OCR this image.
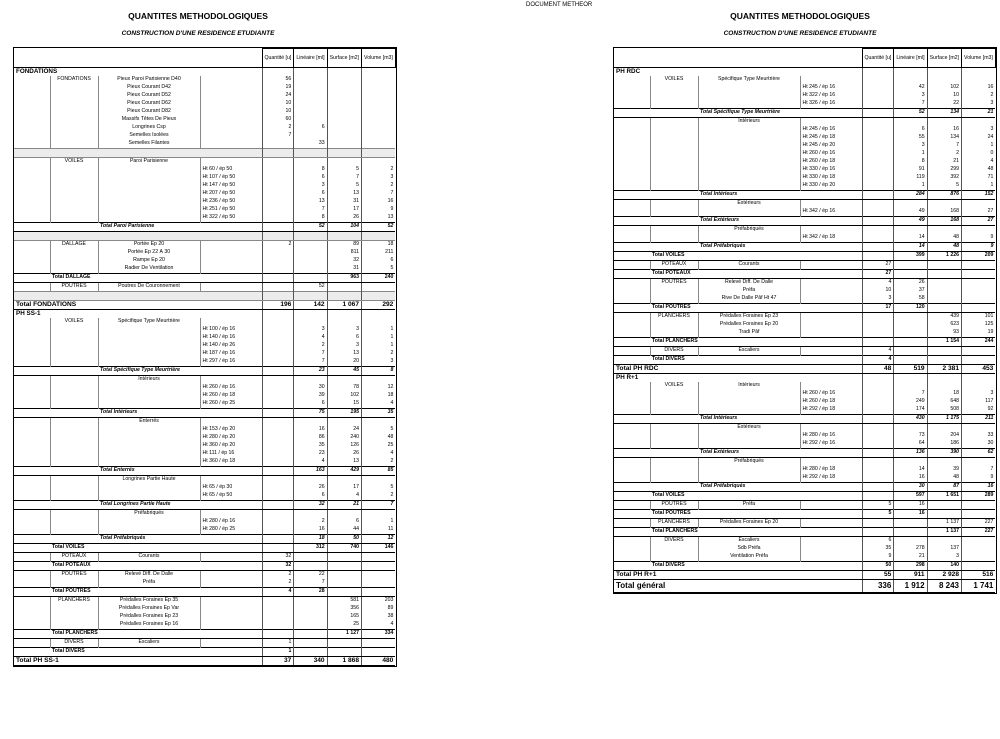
QUANTITES METHODOLOGIQUES
CONSTRUCTION D'UNE RESIDENCE ETUDIANTE
				Quantité [u]	Linéaire [ml]	Surface [m2]	Volume [m3]
FONDATIONS							
	FONDATIONS	Pieux Paroi Parisienne D40		56			
		Pieux Courant D42		19			
		Pieux Courant D52		24			
		Pieux Courant D62		10			
		Pieux Courant D82		10			
		Massifs Têtes De Pieux		60			
		Longrines Csp		2	6		
		Semelles Isolées		7			
		Semelles Filantes			33		

	VOILES	Paroi Parisienne					
			Ht 60 / ép 50		8	5	2
			Ht 107 / ép 50		6	7	3
			Ht 147 / ép 50		3	5	2
			Ht 207 / ép 50		6	13	7
			Ht 236 / ép 50		13	31	16
			Ht 251 / ép 50		7	17	9
			Ht 322 / ép 50		8	26	13
		Total Paroi Parisienne			52	104	52

	DALLAGE	Portée Ép 20		2		89	18
		Portée Ép 22 À 30				811	211
		Rampe Ép 20				32	6
		Radier De Ventilation				31	5
	Total DALLAGE					963	240
	POUTRES	Poutres De Couronnement			52		

Total FONDATIONS				196	142	1 067	292
PH SS-1							
	VOILES	Spécifique Type Meurtrière					
			Ht 100 / ép 16		3	3	1
			Ht 140 / ép 16		4	6	1
			Ht 140 / ép 26		2	3	1
			Ht 187 / ép 16		7	13	2
			Ht 297 / ép 16		7	20	3
		Total Spécifique Type Meurtrière			23	45	8
		Intérieurs					
			Ht 260 / ép 16		30	78	12
			Ht 260 / ép 18		39	102	18
			Ht 260 / ép 25		6	15	4
		Total Intérieurs			75	195	35
		Enterrés					
			Ht 153 / ép 20		16	24	5
			Ht 280 / ép 20		86	240	48
			Ht 360 / ép 20		35	126	25
			Ht 111 / ép 16		23	26	4
			Ht 360 / ép 18		4	13	2
		Total Enterrés			163	429	85
		Longrines Partie Haute					
			Ht 65 / ép 30		26	17	5
			Ht 65 / ép 50		6	4	2
		Total Longrines Partie Haute			32	21	7
		Préfabriqués					
			Ht 280 / ép 16		2	6	1
			Ht 280 / ép 25		16	44	11
		Total Préfabriqués			18	50	12
	Total VOILES				312	740	146
	POTEAUX	Courants		32			
	Total POTEAUX			32			
	POUTRES	Relevé Diff. De Dalle		2	22		
		Préfa		2	7		
	Total POUTRES			4	28		
	PLANCHERS	Prédalles Foraines Ép 35				581	203
		Prédalles Foraines Ép Var				356	89
		Prédalles Foraines Ép 23				165	38
		Prédalles Foraines Ép 16				25	4
	Total PLANCHERS					1 127	334
	DIVERS	Escaliers		1			
	Total DIVERS			1			
Total PH SS-1				37	340	1 868	480
DOCUMENT METHEOR
QUANTITES METHODOLOGIQUES
CONSTRUCTION D'UNE RESIDENCE ETUDIANTE
				Quantité [u]	Linéaire [ml]	Surface [m2]	Volume [m3]
PH RDC							
	VOILES	Spécifique Type Meurtrière					
			Ht 245 / ép 16		42	102	16
			Ht 322 / ép 16		3	10	2
			Ht 326 / ép 16		7	22	3
		Total Spécifique Type Meurtrière			52	134	21
		Intérieurs					
			Ht 245 / ép 16		6	16	3
			Ht 245 / ép 18		55	134	24
			Ht 245 / ép 20		3	7	1
			Ht 260 / ép 16		1	2	0
			Ht 260 / ép 18		8	21	4
			Ht 330 / ép 16		91	299	48
			Ht 330 / ép 18		119	392	71
			Ht 330 / ép 20		1	5	1
		Total Intérieurs			284	876	152
		Extérieurs					
			Ht 342 / ép 16		49	168	27
		Total Extérieurs			49	168	27
		Préfabriqués					
			Ht 342 / ép 18		14	48	9
		Total Préfabriqués			14	48	9
	Total VOILES				399	1 226	209
	POTEAUX	Courants		27			
	Total POTEAUX			27			
	POUTRES	Relevé Diff. De Dalle		4	26		
		Préfa		10	37		
		Rive De Dalle Pâf Ht 47		3	58		
	Total POUTRES			17	120		
	PLANCHERS	Prédalles Foraines Ép 23				439	101
		Prédalles Foraines Ép 20				623	125
		Tradi Pâf				93	19
	Total PLANCHERS					1 154	244
	DIVERS	Escaliers		4			
	Total DIVERS			4			
Total PH RDC				48	519	2 381	453
PH R+1							
	VOILES	Intérieurs					
			Ht 260 / ép 16		7	18	3
			Ht 260 / ép 18		249	648	117
			Ht 292 / ép 18		174	508	92
		Total Intérieurs			430	1 175	211
		Extérieurs					
			Ht 280 / ép 16		73	204	33
			Ht 292 / ép 16		64	186	30
		Total Extérieurs			136	390	62
		Préfabriqués					
			Ht 280 / ép 18		14	39	7
			Ht 292 / ép 18		16	48	9
		Total Préfabriqués			30	87	16
	Total VOILES				597	1 651	289
	POUTRES	Préfa		5	16		
	Total POUTRES			5	16		
	PLANCHERS	Prédalles Foraines Ép 20				1 137	227
	Total PLANCHERS					1 137	227
	DIVERS	Escaliers		6			
		Sdb Préfa		35	278	137	
		Ventilation Préfa		9	21	3	
	Total DIVERS			50	298	140	
Total PH R+1				55	911	2 928	516
Total général				336	1 912	8 243	1 741
